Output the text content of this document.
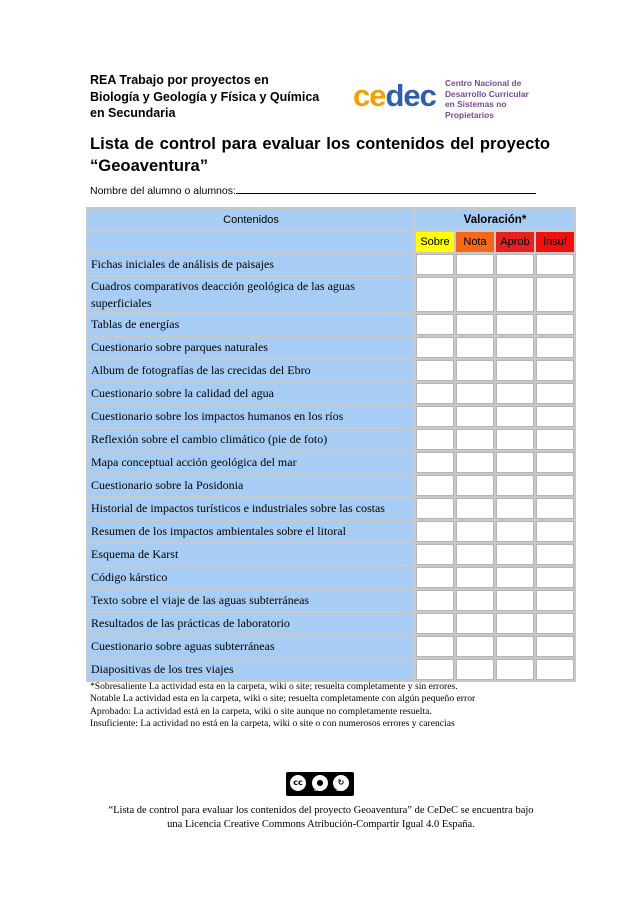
REA Trabajo por proyectos en
Biología y Geología y Física y Química
en Secundaria	cedec Centro Nacional de
Desarrollo Curricular
en Sistemas no Propietarios
Lista de control para evaluar los contenidos del proyecto “Geoaventura”
Nombre del alumno o alumnos:
Contenidos	Valoración*			
	Sobre	Nota	Aprob	Insuf
Fichas iniciales de análisis de paisajes				
Cuadros comparativos deacción geológica de las aguas superficiales				
Tablas de energías				
Cuestionario sobre parques naturales				
Album de fotografías de las crecidas del Ebro				
Cuestionario sobre la calidad del agua				
Cuestionario sobre los impactos humanos en los ríos				
Reflexión sobre el cambio climático (pie de foto)				
Mapa conceptual acción geológica del mar				
Cuestionario sobre la Posidonia				
Historial de impactos turísticos e industriales sobre las costas				
Resumen de los impactos ambientales sobre el litoral				
Esquema de Karst				
Código kárstico				
Texto sobre el viaje de las aguas subterráneas				
Resultados de las prácticas de laboratorio				
Cuestionario sobre aguas subterráneas				
Diapositivas de los tres viajes				
*Sobresaliente La actividad esta en la carpeta, wiki o site; resuelta completamente y sin errores.
Notable La actividad esta en la carpeta, wiki o site; resuelta completamente con algún pequeño error
Aprobado: La actividad está en la carpeta, wiki o site aunque no completamente resuelta.
Insuficiente: La actividad no está en la carpeta, wiki o site o con numerosos errores y carencias
cc	●	↻
BY	SA
“Lista de control para evaluar los contenidos del proyecto Geoaventura” de CeDeC se encuentra bajo
una Licencia Creative Commons Atribución-Compartir Igual 4.0 España.
